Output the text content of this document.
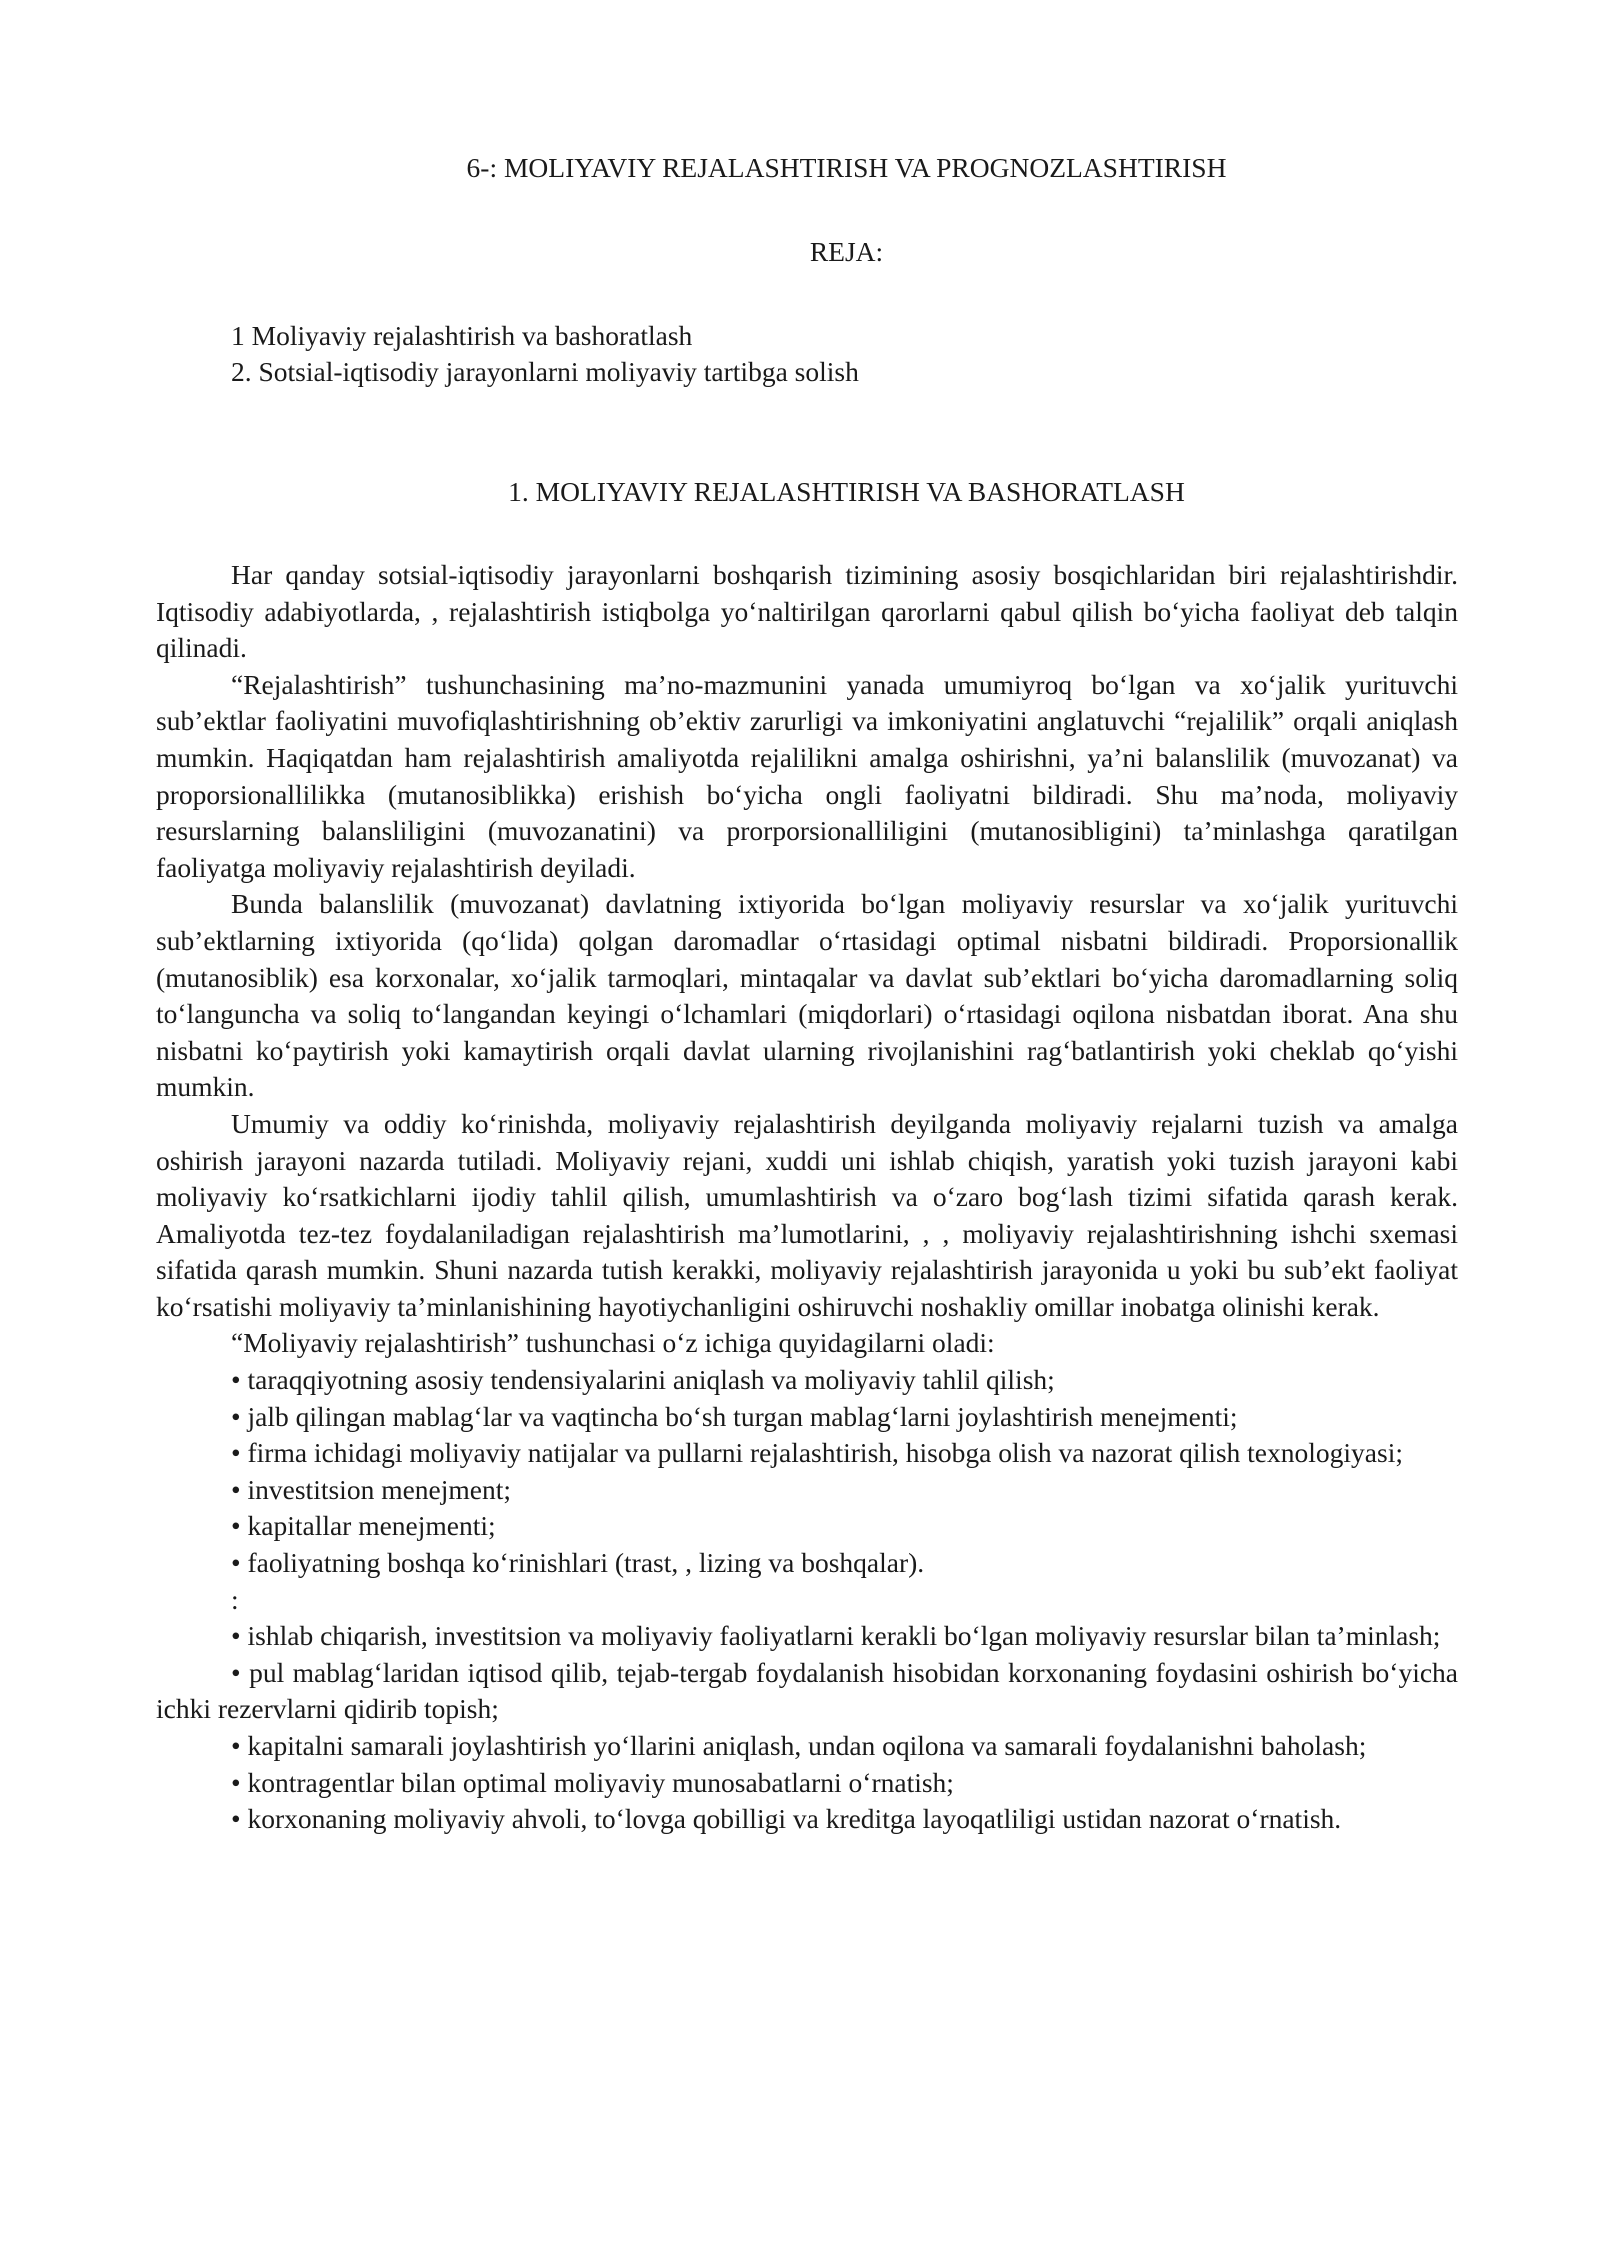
6-: MOLIYAVIY REJALASHTIRISH VA PROGNOZLASHTIRISH
REJA:
1 Moliyaviy rejalashtirish va bashoratlash
2. Sotsial-iqtisodiy jarayonlarni moliyaviy tartibga solish
1. MOLIYAVIY REJALASHTIRISH VA BASHORATLASH

Har qanday sotsial-iqtisodiy jarayonlarni boshqarish tizimining asosiy bosqichlaridan biri rejalashtirishdir. Iqtisodiy adabiyotlarda, , rejalashtirish istiqbolga yo‘naltirilgan qarorlarni qabul qilish bo‘yicha faoliyat deb talqin qilinadi.

“Rejalashtirish” tushunchasining ma’no-mazmunini yanada umumiyroq bo‘lgan va xo‘jalik yurituvchi sub’ektlar faoliyatini muvofiqlashtirishning ob’ektiv zarurligi va imkoniyatini anglatuvchi “rejalilik” orqali aniqlash mumkin. Haqiqatdan ham rejalashtirish amaliyotda rejalilikni amalga oshirishni, ya’ni balanslilik (muvozanat) va proporsionallilikka (mutanosiblikka) erishish bo‘yicha ongli faoliyatni bildiradi. Shu ma’noda, moliyaviy resurslarning balansliligini (muvozanatini) va prorporsionalliligini (mutanosibligini) ta’minlashga qaratilgan faoliyatga moliyaviy rejalashtirish deyiladi.

Bunda balanslilik (muvozanat) davlatning ixtiyorida bo‘lgan moliyaviy resurslar va xo‘jalik yurituvchi sub’ektlarning ixtiyorida (qo‘lida) qolgan daromadlar o‘rtasidagi optimal nisbatni bildiradi. Proporsionallik (mutanosiblik) esa korxonalar, xo‘jalik tarmoqlari, mintaqalar va davlat sub’ektlari bo‘yicha daromadlarning soliq to‘languncha va soliq to‘langandan keyingi o‘lchamlari (miqdorlari) o‘rtasidagi oqilona nisbatdan iborat. Ana shu nisbatni ko‘paytirish yoki kamaytirish orqali davlat ularning rivojlanishini rag‘batlantirish yoki cheklab qo‘yishi mumkin.

Umumiy va oddiy ko‘rinishda, moliyaviy rejalashtirish deyilganda moliyaviy rejalarni tuzish va amalga oshirish jarayoni nazarda tutiladi. Moliyaviy rejani, xuddi uni ishlab chiqish, yaratish yoki tuzish jarayoni kabi moliyaviy ko‘rsatkichlarni ijodiy tahlil qilish, umumlashtirish va o‘zaro bog‘lash tizimi sifatida qarash kerak. Amaliyotda tez-tez foydalaniladigan rejalashtirish ma’lumotlarini, , , moliyaviy rejalashtirishning ishchi sxemasi sifatida qarash mumkin. Shuni nazarda tutish kerakki, moliyaviy rejalashtirish jarayonida u yoki bu sub’ekt faoliyat ko‘rsatishi moliyaviy ta’minlanishining hayotiychanligini oshiruvchi noshakliy omillar inobatga olinishi kerak.

“Moliyaviy rejalashtirish” tushunchasi o‘z ichiga quyidagilarni oladi:

• taraqqiyotning asosiy tendensiyalarini aniqlash va moliyaviy tahlil qilish;

• jalb qilingan mablag‘lar va vaqtincha bo‘sh turgan mablag‘larni joylashtirish menejmenti;

• firma ichidagi moliyaviy natijalar va pullarni rejalashtirish, hisobga olish va nazorat qilish texnologiyasi;

• investitsion menejment;

• kapitallar menejmenti;

• faoliyatning boshqa ko‘rinishlari (trast, , lizing va boshqalar).

:

• ishlab chiqarish, investitsion va moliyaviy faoliyatlarni kerakli bo‘lgan moliyaviy resurslar bilan ta’minlash;

• pul mablag‘laridan iqtisod qilib, tejab-tergab foydalanish hisobidan korxonaning foydasini oshirish bo‘yicha ichki rezervlarni qidirib topish;

• kapitalni samarali joylashtirish yo‘llarini aniqlash, undan oqilona va samarali foydalanishni baholash;

• kontragentlar bilan optimal moliyaviy munosabatlarni o‘rnatish;

• korxonaning moliyaviy ahvoli, to‘lovga qobilligi va kreditga layoqatliligi ustidan nazorat o‘rnatish.
